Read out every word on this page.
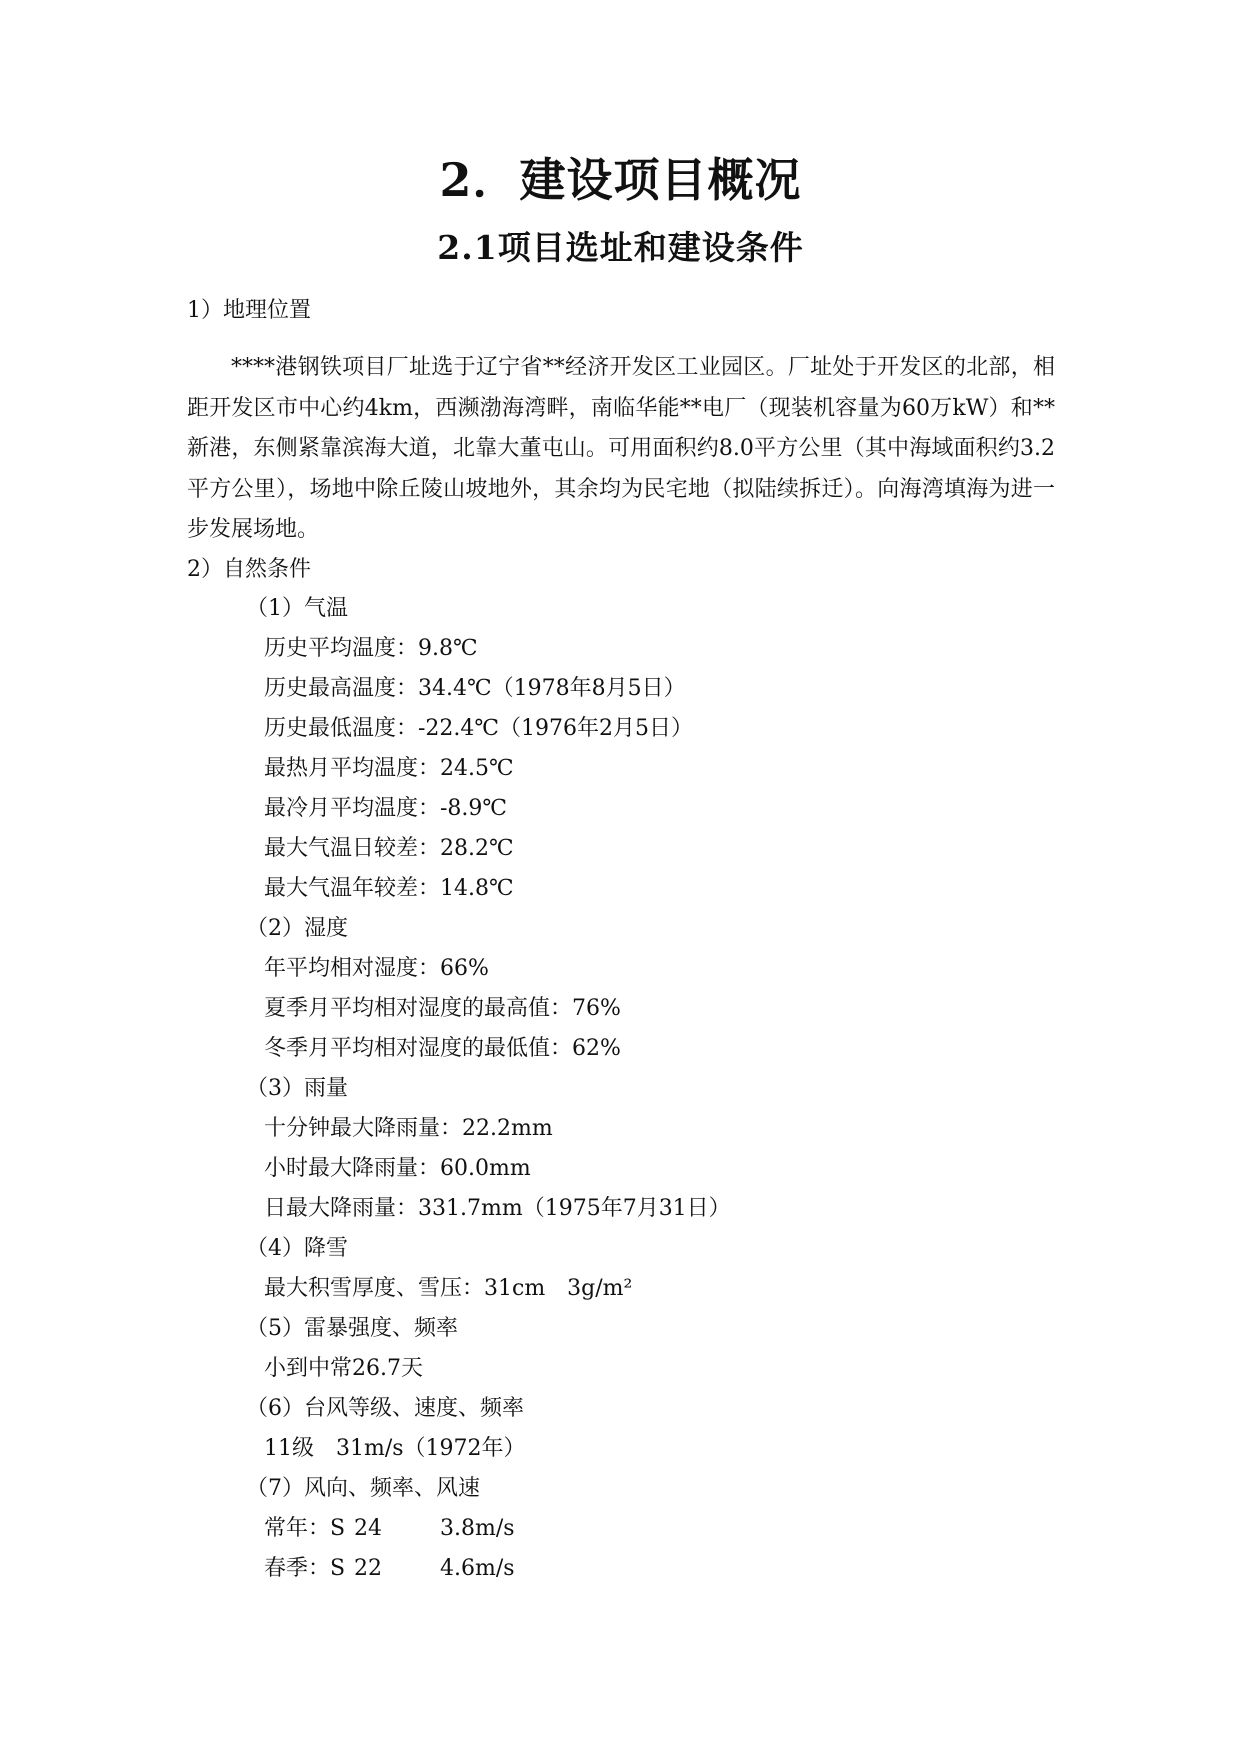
2．建设项目概况
2.1项目选址和建设条件
1）地理位置

****港钢铁项目厂址选于辽宁省**经济开发区工业园区。厂址处于开发区的北部，相距开发区市中心约4km，西濒渤海湾畔，南临华能**电厂（现装机容量为60万kW）和**新港，东侧紧靠滨海大道，北靠大董屯山。可用面积约8.0平方公里（其中海域面积约3.2平方公里），场地中除丘陵山坡地外，其余均为民宅地（拟陆续拆迁）。向海湾填海为进一步发展场地。

2）自然条件
（1）气温
历史平均温度：9.8℃
历史最高温度：34.4℃（1978年8月5日）
历史最低温度：-22.4℃（1976年2月5日）
最热月平均温度：24.5℃
最冷月平均温度：-8.9℃
最大气温日较差：28.2℃
最大气温年较差：14.8℃
（2）湿度
年平均相对湿度：66%
夏季月平均相对湿度的最高值：76%
冬季月平均相对湿度的最低值：62%
（3）雨量
十分钟最大降雨量：22.2mm
小时最大降雨量：60.0mm
日最大降雨量：331.7mm（1975年7月31日）
（4）降雪
最大积雪厚度、雪压：31cm　3g/m²
（5）雷暴强度、频率
小到中常26.7天
（6）台风等级、速度、频率
11级　31m/s（1972年）
（7）风向、频率、风速
常年：S 24	3.8m/s
春季：S 22	4.6m/s
